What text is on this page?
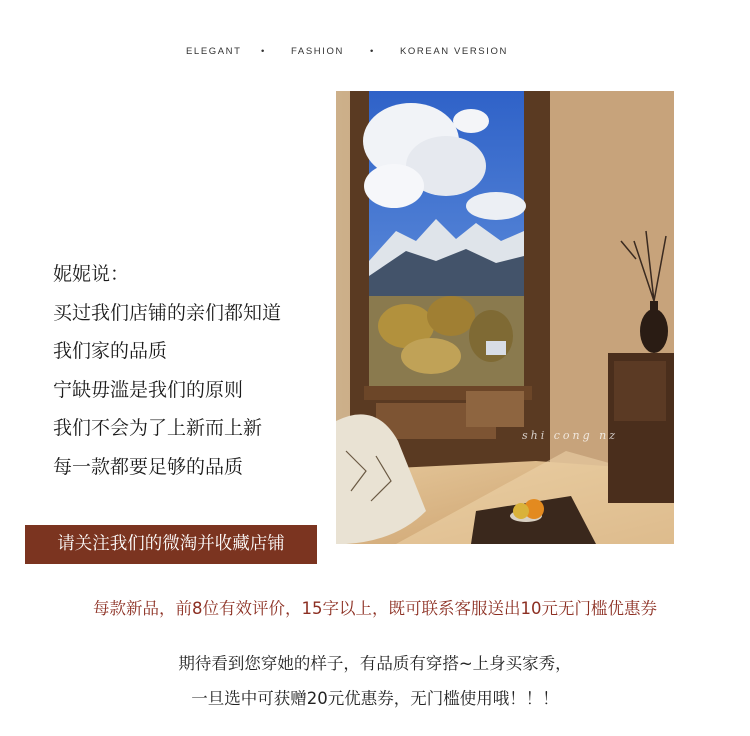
ELEGANT •	FASHION	•	KOREAN VERSION
妮妮说：
买过我们店铺的亲们都知道
我们家的品质
宁缺毋滥是我们的原则
我们不会为了上新而上新
每一款都要足够的品质
请关注我们的微淘并收藏店铺
shi cong nz
每款新品，前8位有效评价，15字以上，既可联系客服送出10元无门槛优惠券
期待看到您穿她的样子，有品质有穿搭~上身买家秀，
一旦选中可获赠20元优惠券，无门槛使用哦！！！
